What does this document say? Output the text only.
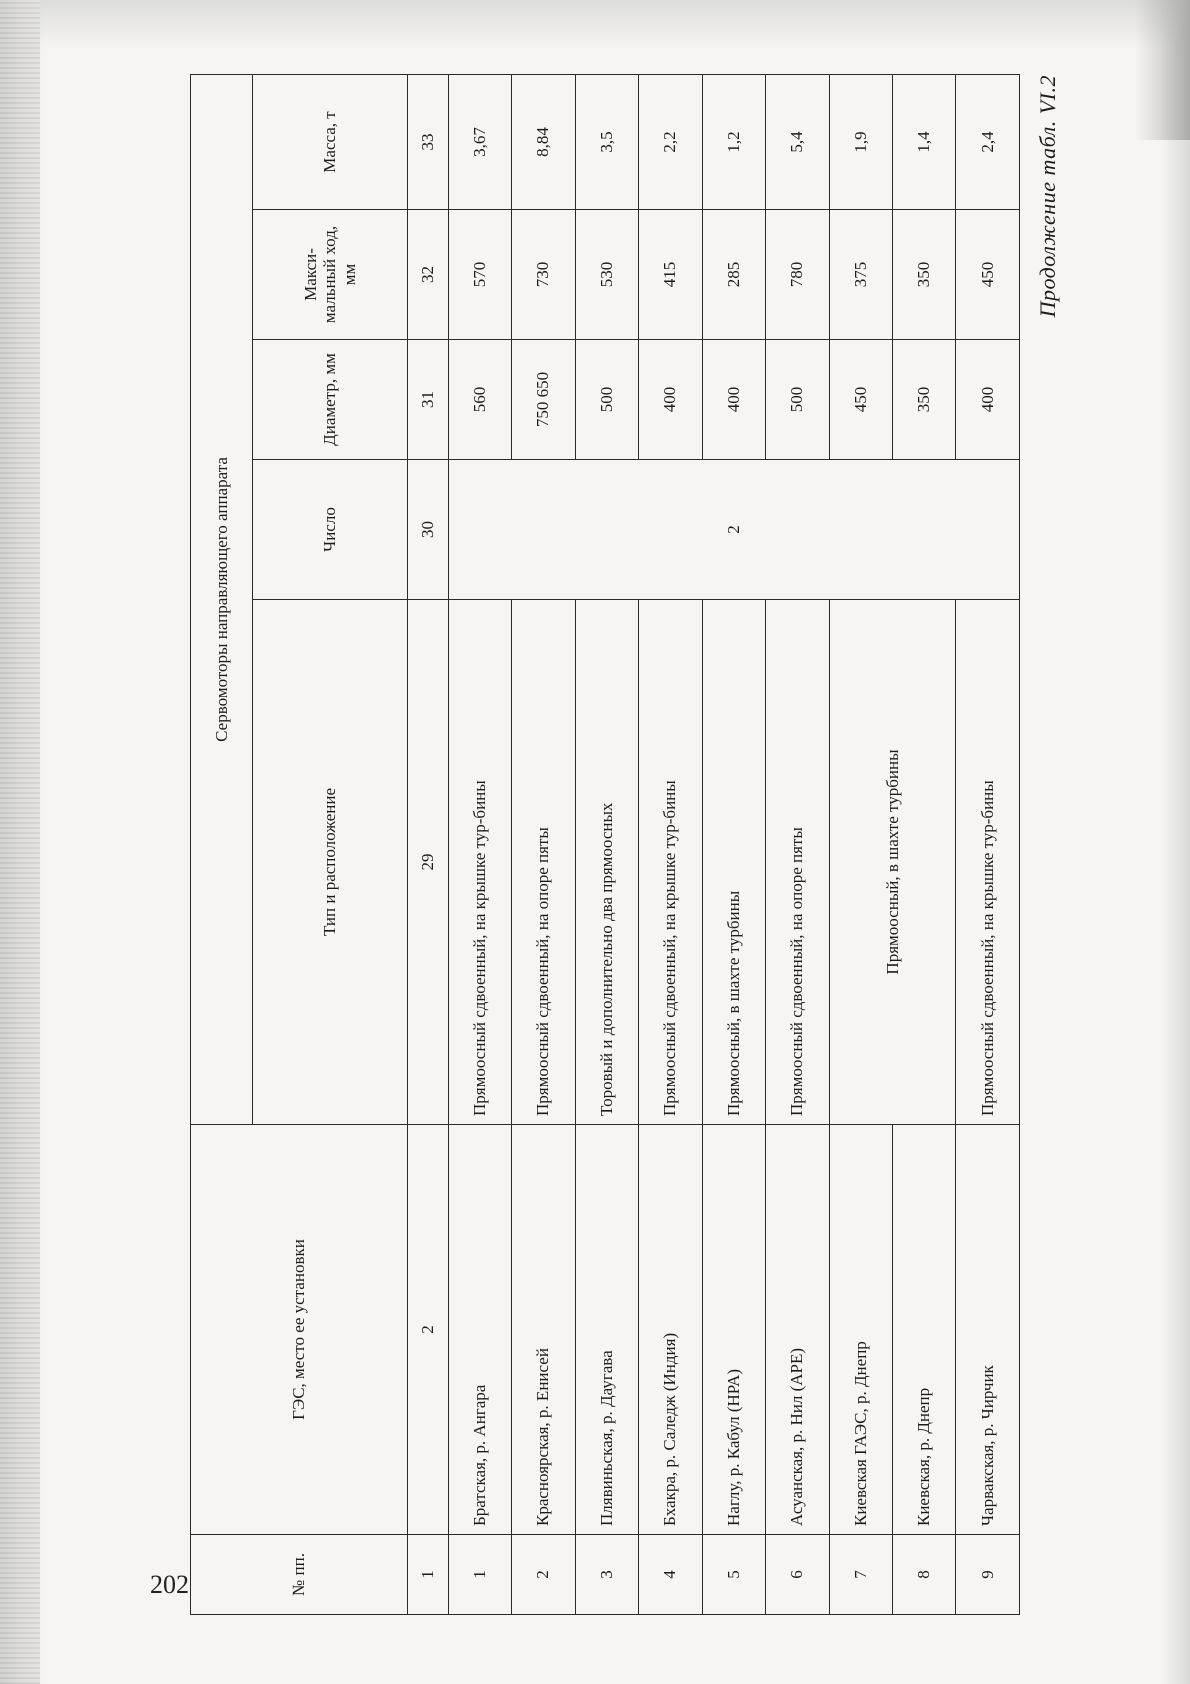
202
Продолжение табл. VI.2
№ пп.	ГЭС, место ее установки	Сервомоторы направляющего аппарата				
		Тип и расположение	Число	Диаметр, мм	Макси-мальный ход, мм	Масса, т
1	2	29	30	31	32	33
1	Братская, р. Ангара	Прямоосный сдвоенный, на крышке тур-бины	2	560	570	3,67
2	Красноярская, р. Енисей	Прямоосный сдвоенный, на опоре пяты		750 650	730	8,84
3	Плявиньская, р. Даугава	Торовый и дополнительно два прямоосных		500	530	3,5
4	Бхакра, р. Саледж (Индия)	Прямоосный сдвоенный, на крышке тур-бины		400	415	2,2
5	Наглу, р. Кабул (НРА)	Прямоосный, в шахте турбины		400	285	1,2
6	Асуанская, р. Нил (АРЕ)	Прямоосный сдвоенный, на опоре пяты		500	780	5,4
7	Киевская ГАЭС, р. Днепр	Прямоосный, в шахте турбины		450	375	1,9
8	Киевская, р. Днепр			350	350	1,4
9	Чарвакская, р. Чирчик	Прямоосный сдвоенный, на крышке тур-бины		400	450	2,4
